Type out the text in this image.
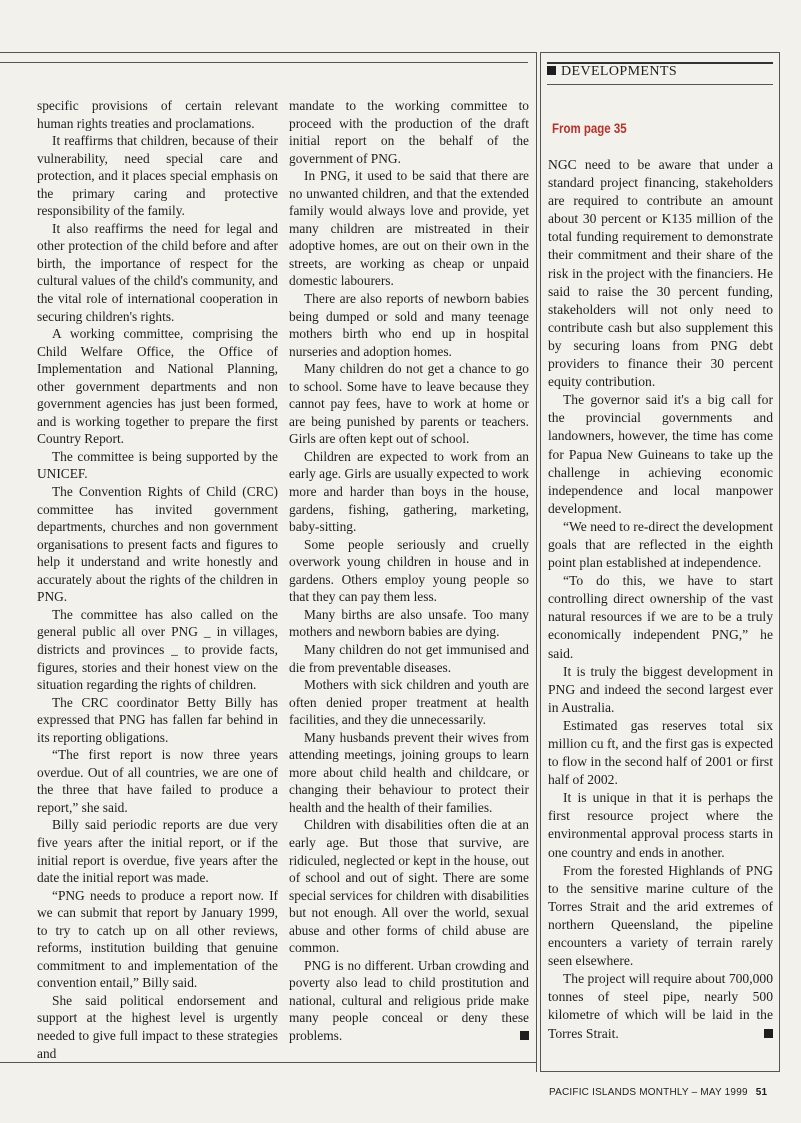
specific provisions of certain relevant human rights treaties and proclamations.

It reaffirms that children, because of their vulnerability, need special care and protection, and it places special emphasis on the primary caring and protective responsibility of the family.

It also reaffirms the need for legal and other protection of the child before and after birth, the importance of respect for the cultural values of the child's community, and the vital role of international cooperation in securing children's rights.

A working committee, comprising the Child Welfare Office, the Office of Implementation and National Planning, other government departments and non government agencies has just been formed, and is working together to prepare the first Country Report.

The committee is being supported by the UNICEF.

The Convention Rights of Child (CRC) committee has invited government departments, churches and non government organisations to present facts and figures to help it understand and write honestly and accurately about the rights of the children in PNG.

The committee has also called on the general public all over PNG _ in villages, districts and provinces _ to provide facts, figures, stories and their honest view on the situation regarding the rights of children.

The CRC coordinator Betty Billy has expressed that PNG has fallen far behind in its reporting obligations.

“The first report is now three years overdue. Out of all countries, we are one of the three that have failed to produce a report,” she said.

Billy said periodic reports are due very five years after the initial report, or if the initial report is overdue, five years after the date the initial report was made.

“PNG needs to produce a report now. If we can submit that report by January 1999, to try to catch up on all other reviews, reforms, institution building that genuine commitment to and implementation of the convention entail,” Billy said.

She said political endorsement and support at the highest level is urgently needed to give full impact to these strategies and

mandate to the working committee to proceed with the production of the draft initial report on the behalf of the government of PNG.

In PNG, it used to be said that there are no unwanted children, and that the extended family would always love and provide, yet many children are mistreated in their adoptive homes, are out on their own in the streets, are working as cheap or unpaid domestic labourers.

There are also reports of newborn babies being dumped or sold and many teenage mothers birth who end up in hospital nurseries and adoption homes.

Many children do not get a chance to go to school. Some have to leave because they cannot pay fees, have to work at home or are being punished by parents or teachers. Girls are often kept out of school.

Children are expected to work from an early age. Girls are usually expected to work more and harder than boys in the house, gardens, fishing, gathering, marketing, baby-sitting.

Some people seriously and cruelly overwork young children in house and in gardens. Others employ young people so that they can pay them less.

Many births are also unsafe. Too many mothers and newborn babies are dying.

Many children do not get immunised and die from preventable diseases.

Mothers with sick children and youth are often denied proper treatment at health facilities, and they die unnecessarily.

Many husbands prevent their wives from attending meetings, joining groups to learn more about child health and childcare, or changing their behaviour to protect their health and the health of their families.

Children with disabilities often die at an early age. But those that survive, are ridiculed, neglected or kept in the house, out of school and out of sight. There are some special services for children with disabilities but not enough. All over the world, sexual abuse and other forms of child abuse are common.

PNG is no different. Urban crowding and poverty also lead to child prostitution and national, cultural and religious pride make many people conceal or deny these problems.

DEVELOPMENTS
From page 35

NGC need to be aware that under a standard project financing, stakeholders are required to contribute an amount about 30 percent or K135 million of the total funding requirement to demonstrate their commitment and their share of the risk in the project with the financiers. He said to raise the 30 percent funding, stakeholders will not only need to contribute cash but also supplement this by securing loans from PNG debt providers to finance their 30 percent equity contribution.

The governor said it's a big call for the provincial governments and landowners, however, the time has come for Papua New Guineans to take up the challenge in achieving economic independence and local manpower development.

“We need to re-direct the development goals that are reflected in the eighth point plan established at independence.

“To do this, we have to start controlling direct ownership of the vast natural resources if we are to be a truly economically independent PNG,” he said.

It is truly the biggest development in PNG and indeed the second largest ever in Australia.

Estimated gas reserves total six million cu ft, and the first gas is expected to flow in the second half of 2001 or first half of 2002.

It is unique in that it is perhaps the first resource project where the environmental approval process starts in one country and ends in another.

From the forested Highlands of PNG to the sensitive marine culture of the Torres Strait and the arid extremes of northern Queensland, the pipeline encounters a variety of terrain rarely seen elsewhere.

The project will require about 700,000 tonnes of steel pipe, nearly 500 kilometre of which will be laid in the Torres Strait.

PACIFIC ISLANDS MONTHLY – MAY 1999 51
